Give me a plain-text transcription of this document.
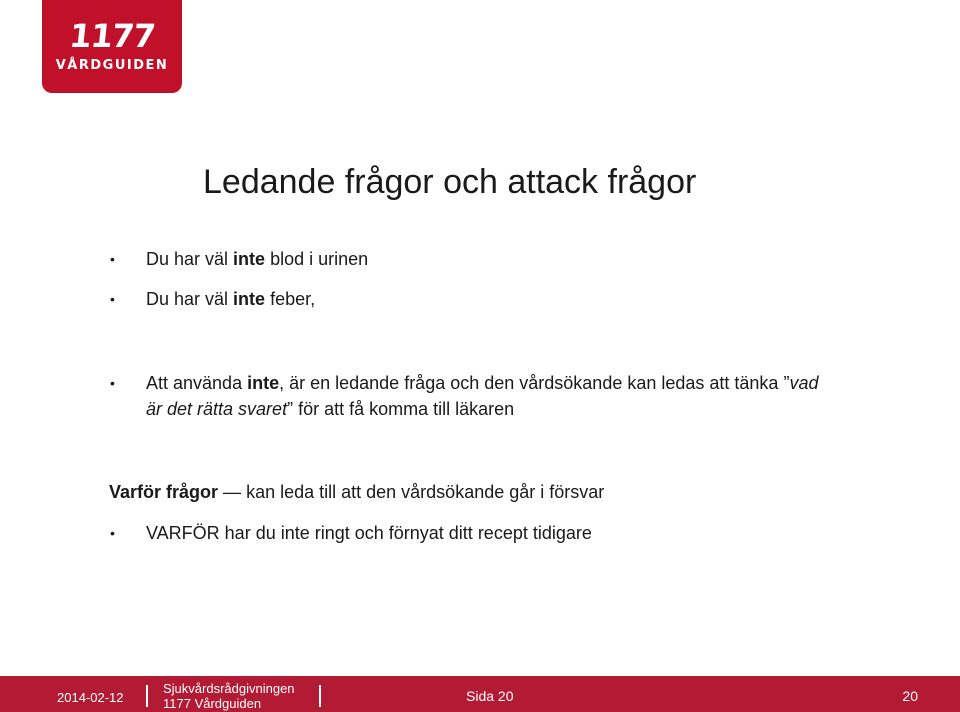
1177
VÅRDGUIDEN
Ledande frågor och attack frågor
•	Du har väl inte blod i urinen
•	Du har väl inte feber,
•	Att använda inte, är en ledande fråga och den vårdsökande kan ledas att tänka ”vad
är det rätta svaret” för att få komma till läkaren
Varför frågor — kan leda till att den vårdsökande går i försvar
•	VARFÖR har du inte ringt och förnyat ditt recept tidigare
2014-02-12
Sjukvårdsrådgivningen
1177 Vårdguiden	Sida 20	20
